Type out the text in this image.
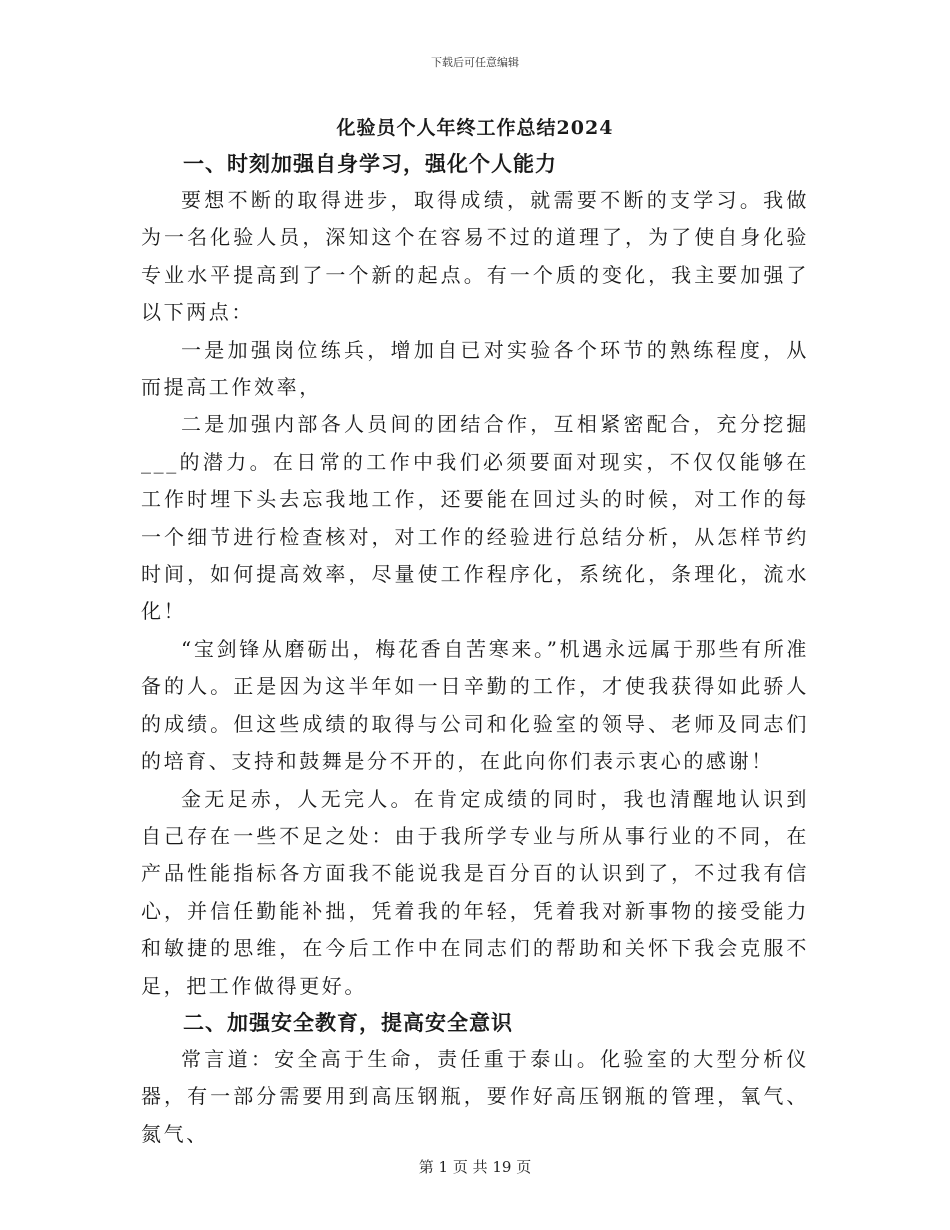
下载后可任意编辑
化验员个人年终工作总结2024
一、时刻加强自身学习，强化个人能力

要想不断的取得进步，取得成绩，就需要不断的支学习。我做为一名化验人员，深知这个在容易不过的道理了，为了使自身化验专业水平提高到了一个新的起点。有一个质的变化，我主要加强了以下两点：

一是加强岗位练兵，增加自已对实验各个环节的熟练程度，从而提高工作效率，

二是加强内部各人员间的团结合作，互相紧密配合，充分挖掘___的潜力。在日常的工作中我们必须要面对现实，不仅仅能够在工作时埋下头去忘我地工作，还要能在回过头的时候，对工作的每一个细节进行检查核对，对工作的经验进行总结分析，从怎样节约时间，如何提高效率，尽量使工作程序化，系统化，条理化，流水化！

“宝剑锋从磨砺出，梅花香自苦寒来。”机遇永远属于那些有所准备的人。正是因为这半年如一日辛勤的工作，才使我获得如此骄人的成绩。但这些成绩的取得与公司和化验室的领导、老师及同志们的培育、支持和鼓舞是分不开的，在此向你们表示衷心的感谢！

金无足赤，人无完人。在肯定成绩的同时，我也清醒地认识到自己存在一些不足之处：由于我所学专业与所从事行业的不同，在产品性能指标各方面我不能说我是百分百的认识到了，不过我有信心，并信任勤能补拙，凭着我的年轻，凭着我对新事物的接受能力和敏捷的思维，在今后工作中在同志们的帮助和关怀下我会克服不足，把工作做得更好。

二、加强安全教育，提高安全意识

常言道：安全高于生命，责任重于泰山。化验室的大型分析仪器，有一部分需要用到高压钢瓶，要作好高压钢瓶的管理，氧气、氮气、

第 1 页 共 19 页
